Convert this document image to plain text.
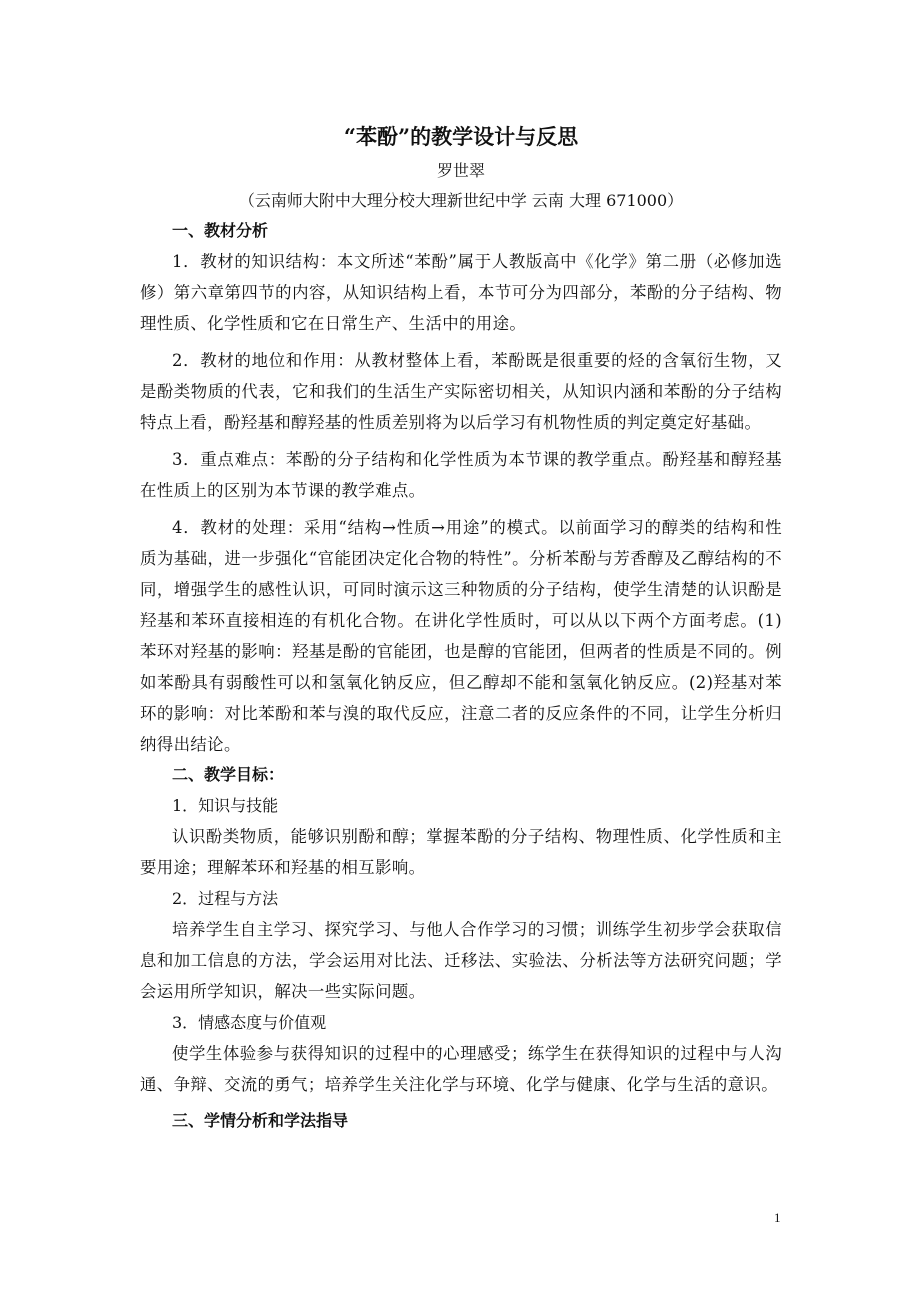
“苯酚”的教学设计与反思

罗世翠

（云南师大附中大理分校大理新世纪中学 云南 大理 671000）

一、教材分析

1．教材的知识结构：本文所述“苯酚”属于人教版高中《化学》第二册（必修加选修）第六章第四节的内容，从知识结构上看，本节可分为四部分，苯酚的分子结构、物理性质、化学性质和它在日常生产、生活中的用途。

2．教材的地位和作用：从教材整体上看，苯酚既是很重要的烃的含氧衍生物，又是酚类物质的代表，它和我们的生活生产实际密切相关，从知识内涵和苯酚的分子结构特点上看，酚羟基和醇羟基的性质差别将为以后学习有机物性质的判定奠定好基础。

3．重点难点：苯酚的分子结构和化学性质为本节课的教学重点。酚羟基和醇羟基在性质上的区别为本节课的教学难点。

4．教材的处理：采用“结构→性质→用途”的模式。以前面学习的醇类的结构和性质为基础，进一步强化“官能团决定化合物的特性”。分析苯酚与芳香醇及乙醇结构的不同，增强学生的感性认识，可同时演示这三种物质的分子结构，使学生清楚的认识酚是羟基和苯环直接相连的有机化合物。在讲化学性质时，可以从以下两个方面考虑。(1)苯环对羟基的影响：羟基是酚的官能团，也是醇的官能团，但两者的性质是不同的。例如苯酚具有弱酸性可以和氢氧化钠反应，但乙醇却不能和氢氧化钠反应。(2)羟基对苯环的影响：对比苯酚和苯与溴的取代反应，注意二者的反应条件的不同，让学生分析归纳得出结论。

二、教学目标：

1．知识与技能

认识酚类物质，能够识别酚和醇；掌握苯酚的分子结构、物理性质、化学性质和主要用途；理解苯环和羟基的相互影响。

2．过程与方法

培养学生自主学习、探究学习、与他人合作学习的习惯；训练学生初步学会获取信息和加工信息的方法，学会运用对比法、迁移法、实验法、分析法等方法研究问题；学会运用所学知识，解决一些实际问题。

3．情感态度与价值观

使学生体验参与获得知识的过程中的心理感受；练学生在获得知识的过程中与人沟通、争辩、交流的勇气；培养学生关注化学与环境、化学与健康、化学与生活的意识。

三、学情分析和学法指导

1
